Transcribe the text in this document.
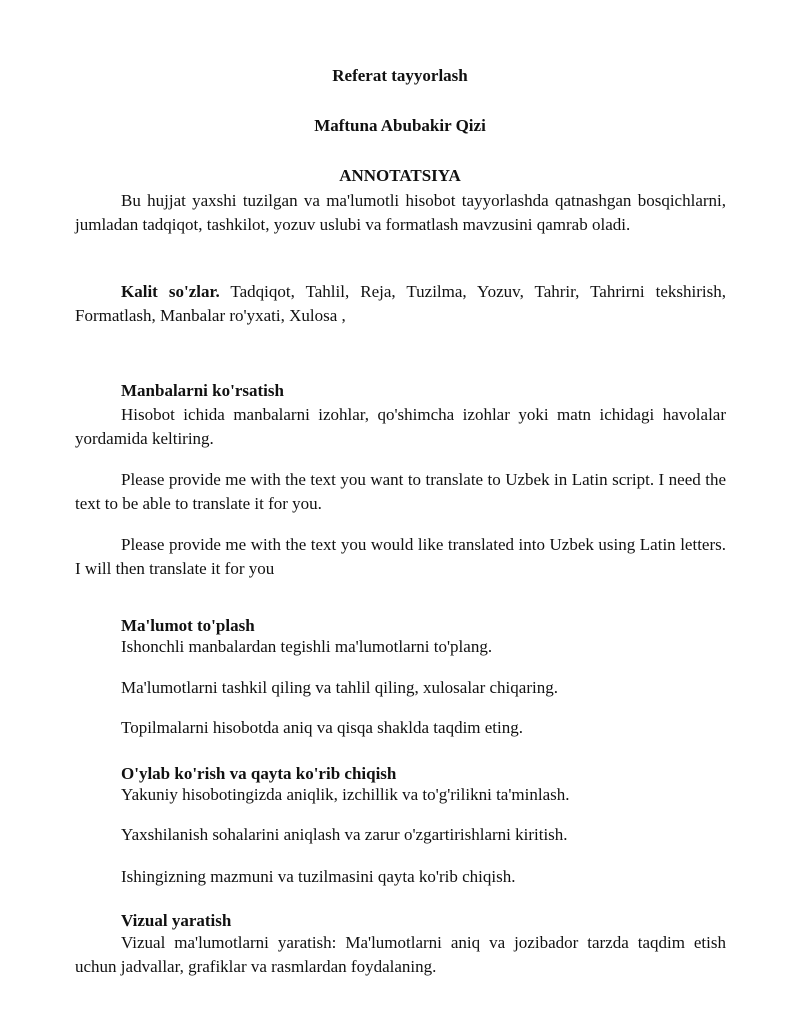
Referat tayyorlash
Maftuna Abubakir Qizi
ANNOTATSIYA
Bu hujjat yaxshi tuzilgan va ma'lumotli hisobot tayyorlashda qatnashgan bosqichlarni, jumladan tadqiqot, tashkilot, yozuv uslubi va formatlash mavzusini qamrab oladi.
Kalit so'zlar. Tadqiqot, Tahlil, Reja, Tuzilma, Yozuv, Tahrir, Tahrirni tekshirish, Formatlash, Manbalar ro'yxati, Xulosa ,
Manbalarni ko'rsatish
Hisobot ichida manbalarni izohlar, qo'shimcha izohlar yoki matn ichidagi havolalar yordamida keltiring.
Please provide me with the text you want to translate to Uzbek in Latin script. I need the text to be able to translate it for you.
Please provide me with the text you would like translated into Uzbek using Latin letters. I will then translate it for you
Ma'lumot to'plash
Ishonchli manbalardan tegishli ma'lumotlarni to'plang.
Ma'lumotlarni tashkil qiling va tahlil qiling, xulosalar chiqaring.
Topilmalarni hisobotda aniq va qisqa shaklda taqdim eting.
O'ylab ko'rish va qayta ko'rib chiqish
Yakuniy hisobotingizda aniqlik, izchillik va to'g'rilikni ta'minlash.
Yaxshilanish sohalarini aniqlash va zarur o'zgartirishlarni kiritish.
Ishingizning mazmuni va tuzilmasini qayta ko'rib chiqish.
Vizual yaratish
Vizual ma'lumotlarni yaratish: Ma'lumotlarni aniq va jozibador tarzda taqdim etish uchun jadvallar, grafiklar va rasmlardan foydalaning.
